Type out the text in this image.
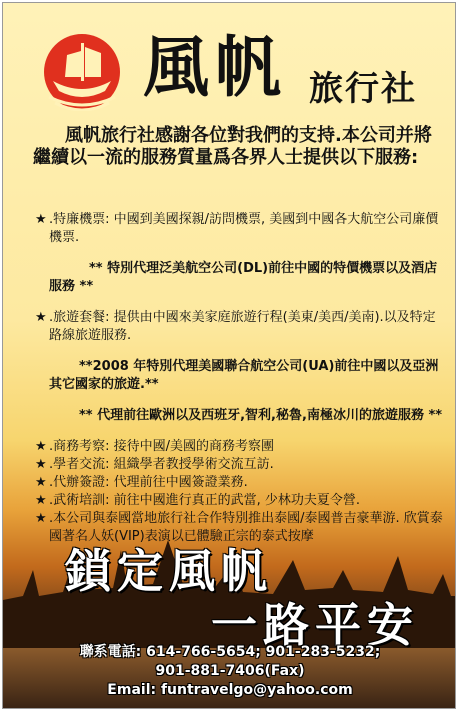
風帆 旅行社
風帆旅行社感謝各位對我們的支持.本公司并將繼續以一流的服務質量爲各界人士提供以下服務:

★ .特廉機票: 中國到美國探親/訪問機票, 美國到中國各大航空公司廉價機票.

** 特別代理泛美航空公司(DL)前往中國的特價機票以及酒店服務 **

★ .旅遊套餐: 提供由中國來美家庭旅遊行程(美東/美西/美南).以及特定路線旅遊服務.

**2008 年特別代理美國聯合航空公司(UA)前往中國以及亞洲其它國家的旅遊.**

** 代理前往歐洲以及西班牙,智利,秘魯,南極冰川的旅遊服務 **

★ .商務考察: 接待中國/美國的商務考察團

★ .學者交流: 組織學者教授學術交流互訪.

★ .代辦簽證: 代理前往中國簽證業務.

★ .武術培訓: 前往中國進行真正的武當, 少林功夫夏令營.

★ .本公司與泰國當地旅行社合作特別推出泰國/泰國普吉豪華游. 欣賞泰國著名人妖(VIP)表演以已體驗正宗的泰式按摩

鎖定風帆
一路平安
聯系電話: 614-766-5654; 901-283-5232;
901-881-7406(Fax)
Email: funtravelgo@yahoo.com
